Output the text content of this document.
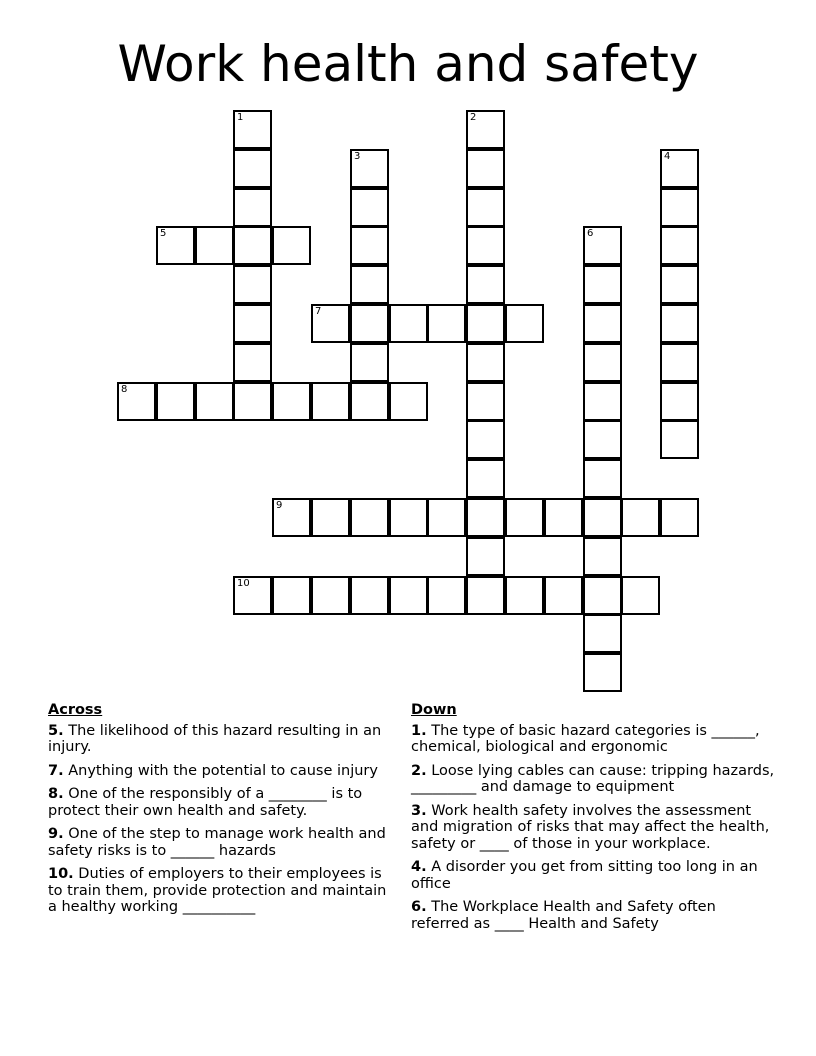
Work health and safety
1	2
3	4
5	6
7
8
9
10
Across
5. The likelihood of this hazard resulting in an injury.
7. Anything with the potential to cause injury
8. One of the responsibly of a ________ is to protect their own health and safety.
9. One of the step to manage work health and safety risks is to ______ hazards
10. Duties of employers to their employees is to train them, provide protection and maintain a healthy working __________
Down
1. The type of basic hazard categories is ______, chemical, biological and ergonomic
2. Loose lying cables can cause: tripping hazards, _________ and damage to equipment
3. Work health safety involves the assessment and migration of risks that may affect the health, safety or ____ of those in your workplace.
4. A disorder you get from sitting too long in an office
6. The Workplace Health and Safety often referred as ____ Health and Safety
